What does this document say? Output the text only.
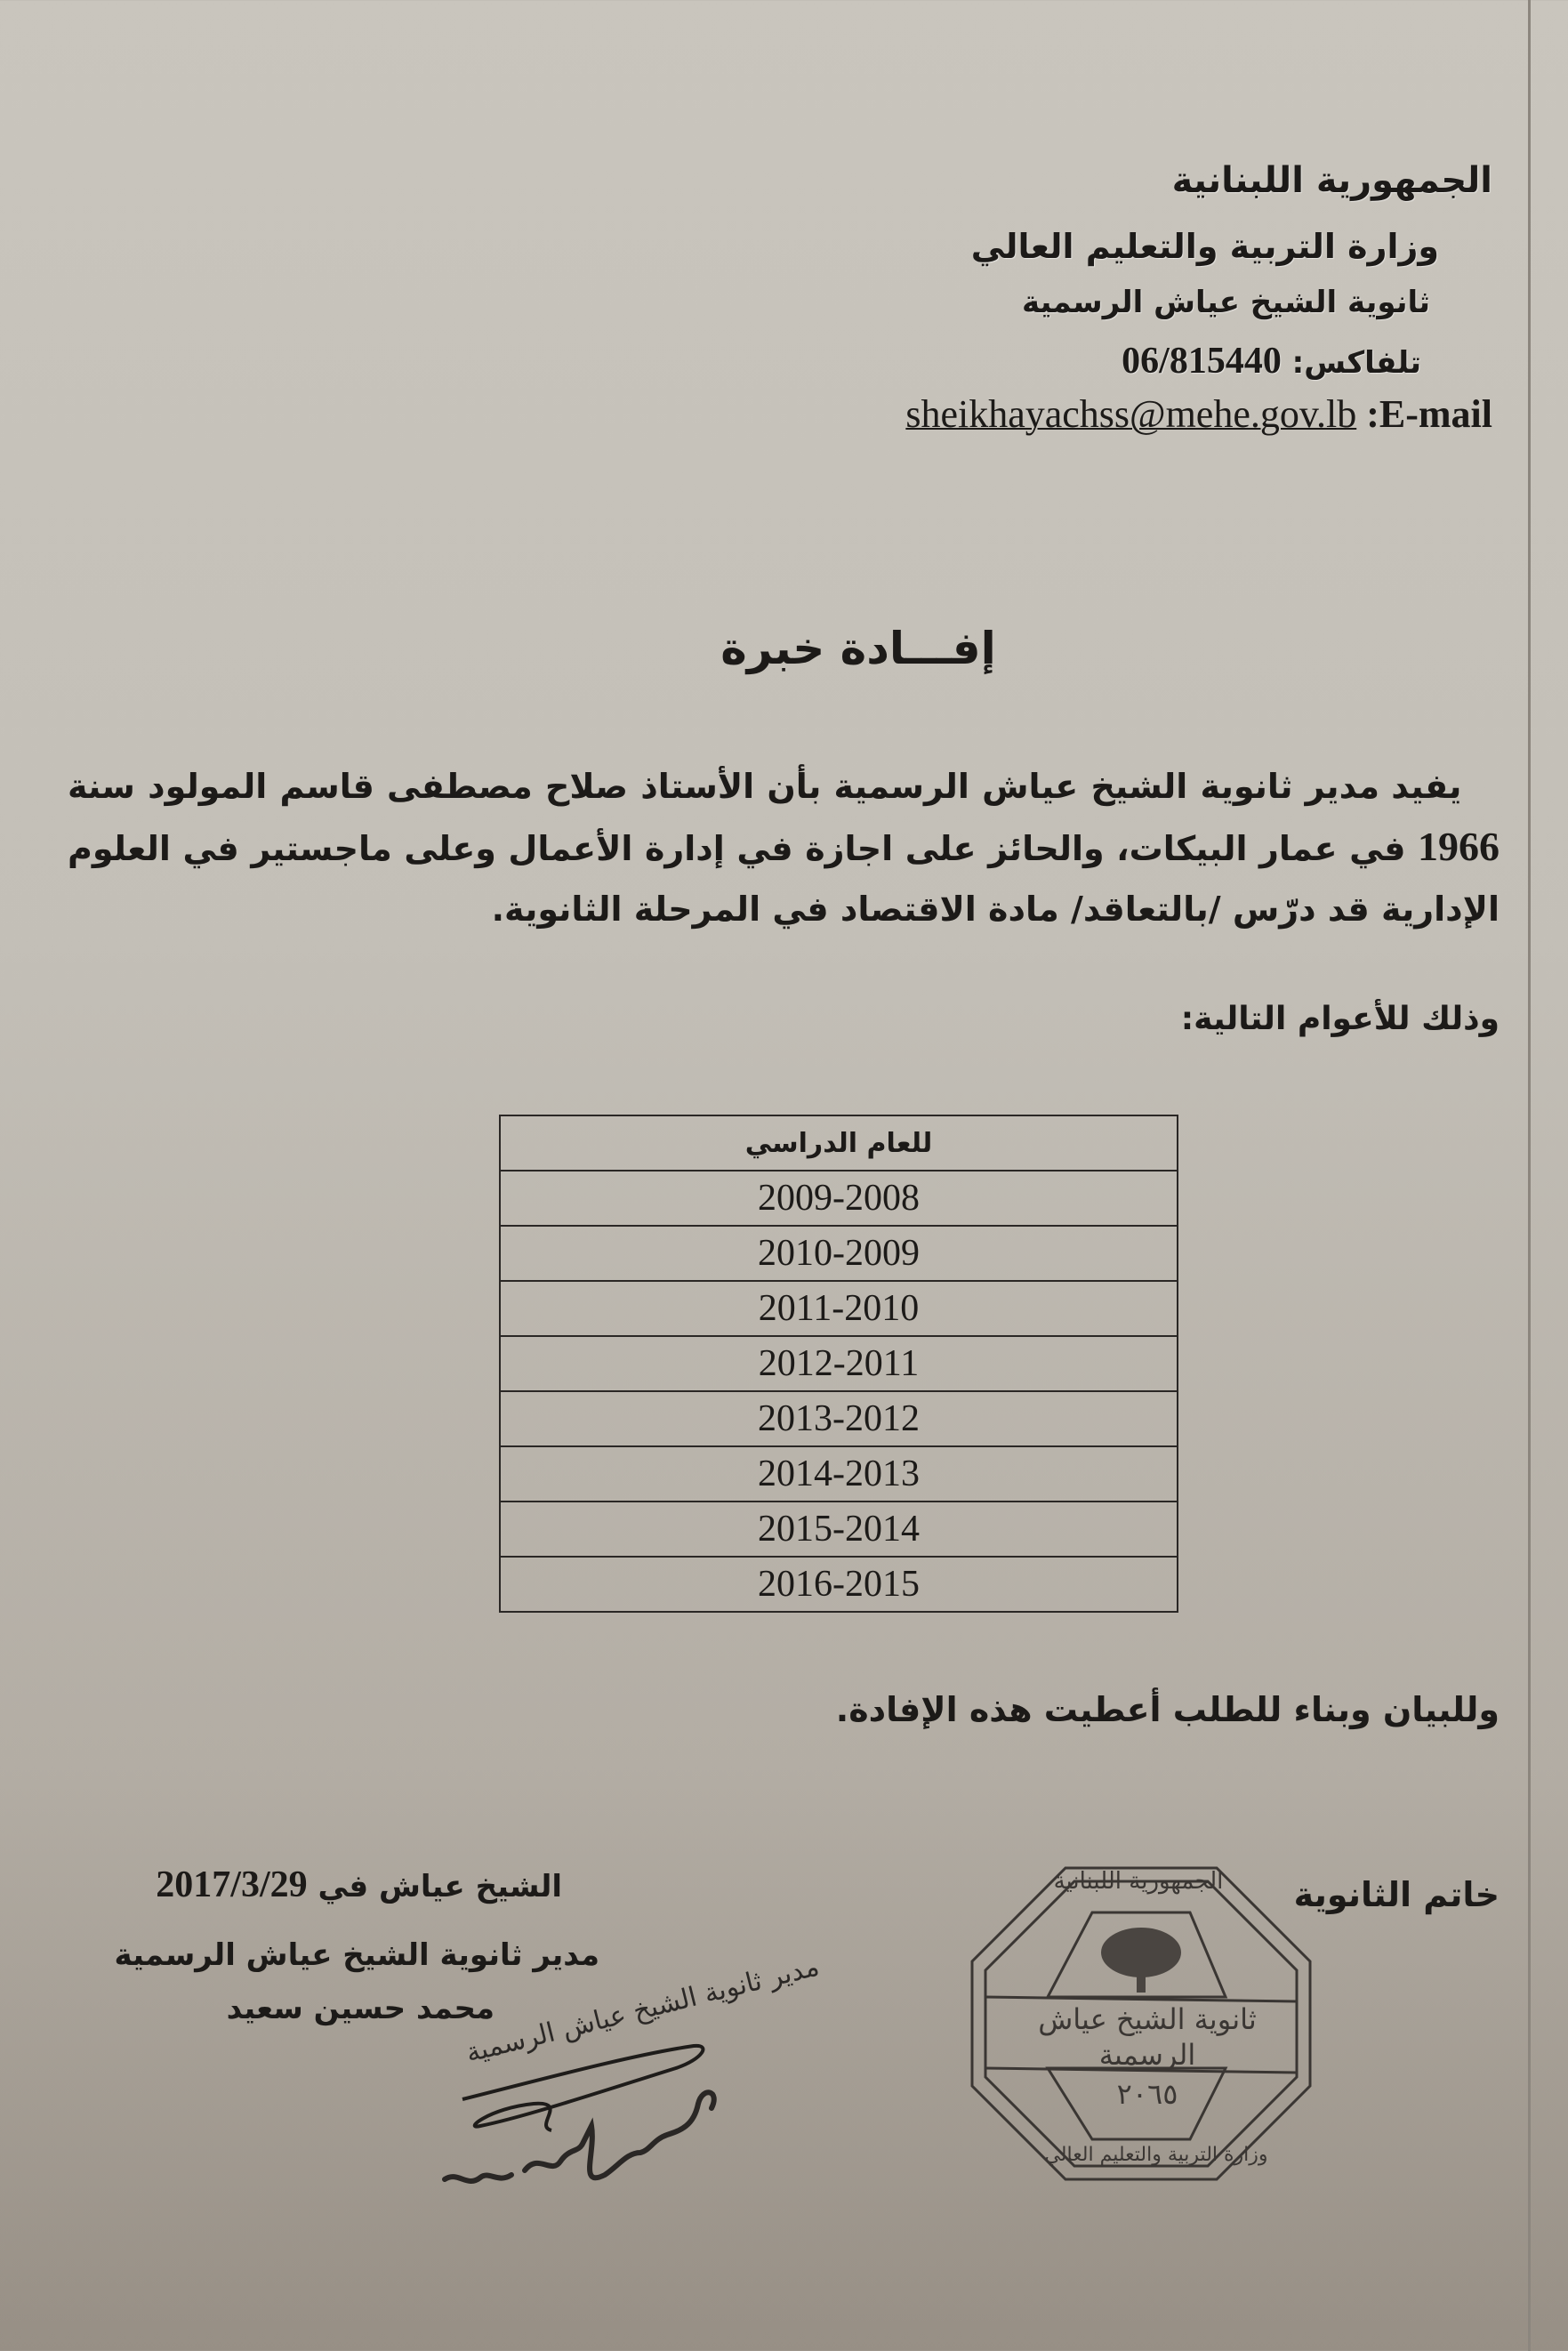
الجمهورية اللبنانية
وزارة التربية والتعليم العالي
ثانوية الشيخ عياش الرسمية
تلفاكس: 06/815440
sheikhayachss@mehe.gov.lb :E-mail
إفـــادة خبرة
يفيد مدير ثانوية الشيخ عياش الرسمية بأن الأستاذ صلاح مصطفى قاسم المولود سنة 1966 في عمار البيكات، والحائز على اجازة في إدارة الأعمال وعلى ماجستير في العلوم الإدارية قد درّس /بالتعاقد/ مادة الاقتصاد في المرحلة الثانوية.
وذلك للأعوام التالية:
للعام الدراسي
2009-2008
2010-2009
2011-2010
2012-2011
2013-2012
2014-2013
2015-2014
2016-2015
وللبيان وبناء للطلب أعطيت هذه الإفادة.
خاتم الثانوية
الشيخ عياش في 2017/3/29
مدير ثانوية الشيخ عياش الرسمية
محمد حسين سعيد
مدير ثانوية الشيخ عياش الرسمية
الجمهورية اللبنانية
ثانوية الشيخ عياش الرسمية
٢٠٦٥
وزارة التربية والتعليم العالي
